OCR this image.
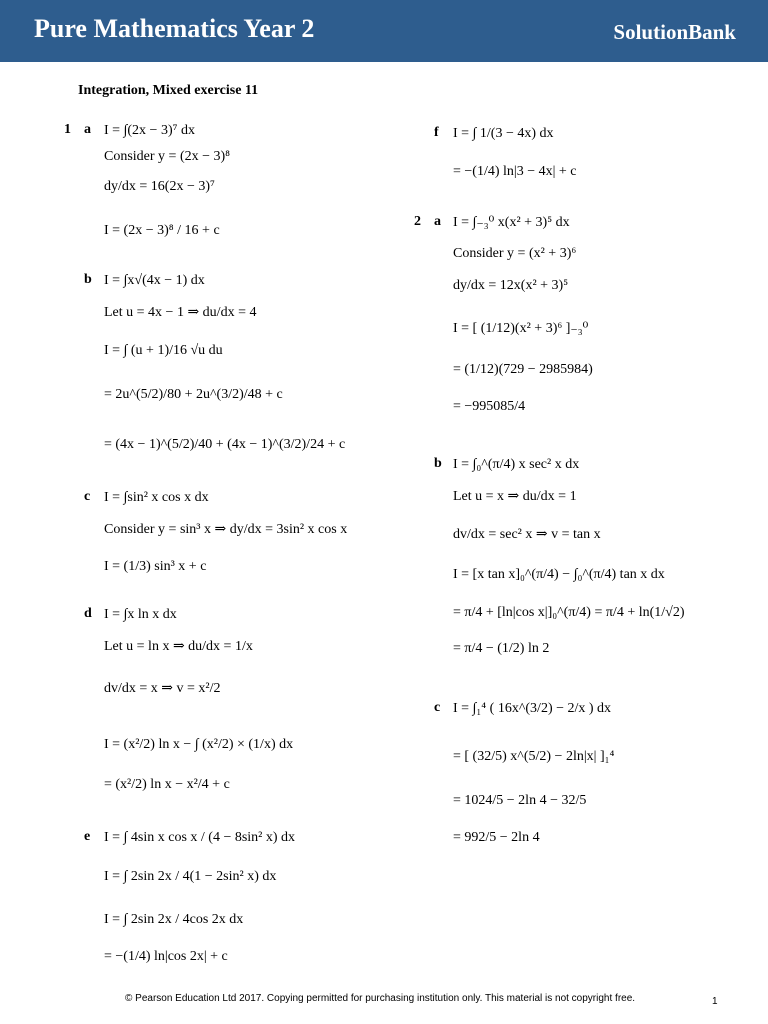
Pure Mathematics Year 2	SolutionBank
Integration, Mixed exercise 11
1 a
b
c
d
e
f
I = ∫(2x − 3)⁷ dx
Consider y = (2x − 3)⁸
dy/dx = 16(2x − 3)⁷
I = (2x − 3)⁸ / 16 + c
I = ∫x√(4x − 1) dx
Let u = 4x − 1 ⇒ du/dx = 4
I = ∫ (u + 1)/16 √u du
= 2u^(5/2)/80 + 2u^(3/2)/48 + c
= (4x − 1)^(5/2)/40 + (4x − 1)^(3/2)/24 + c
I = ∫sin² x cos x dx
Consider y = sin³ x ⇒ dy/dx = 3sin² x cos x
I = (1/3) sin³ x + c
I = ∫x ln x dx
Let u = ln x ⇒ du/dx = 1/x
dv/dx = x ⇒ v = x²/2
I = (x²/2) ln x − ∫ (x²/2) × (1/x) dx
= (x²/2) ln x − x²/4 + c
I = ∫ 4sin x cos x / (4 − 8sin² x) dx
I = ∫ 2sin 2x / 4(1 − 2sin² x) dx
I = ∫ 2sin 2x / 4cos 2x dx
= −(1/4) ln|cos 2x| + c
I = ∫ 1/(3 − 4x) dx
= −(1/4) ln|3 − 4x| + c
2 a
b
c
I = ∫₋₃⁰ x(x² + 3)⁵ dx
Consider y = (x² + 3)⁶
dy/dx = 12x(x² + 3)⁵
I = [ (1/12)(x² + 3)⁶ ]₋₃⁰
= (1/12)(729 − 2985984)
= −995085/4
I = ∫₀^(π/4) x sec² x dx
Let u = x ⇒ du/dx = 1
dv/dx = sec² x ⇒ v = tan x
I = [x tan x]₀^(π/4) − ∫₀^(π/4) tan x dx
= π/4 + [ln|cos x|]₀^(π/4) = π/4 + ln(1/√2)
= π/4 − (1/2) ln 2
I = ∫₁⁴ ( 16x^(3/2) − 2/x ) dx
= [ (32/5) x^(5/2) − 2ln|x| ]₁⁴
= 1024/5 − 2ln 4 − 32/5
= 992/5 − 2ln 4
© Pearson Education Ltd 2017. Copying permitted for purchasing institution only. This material is not copyright free.	1
